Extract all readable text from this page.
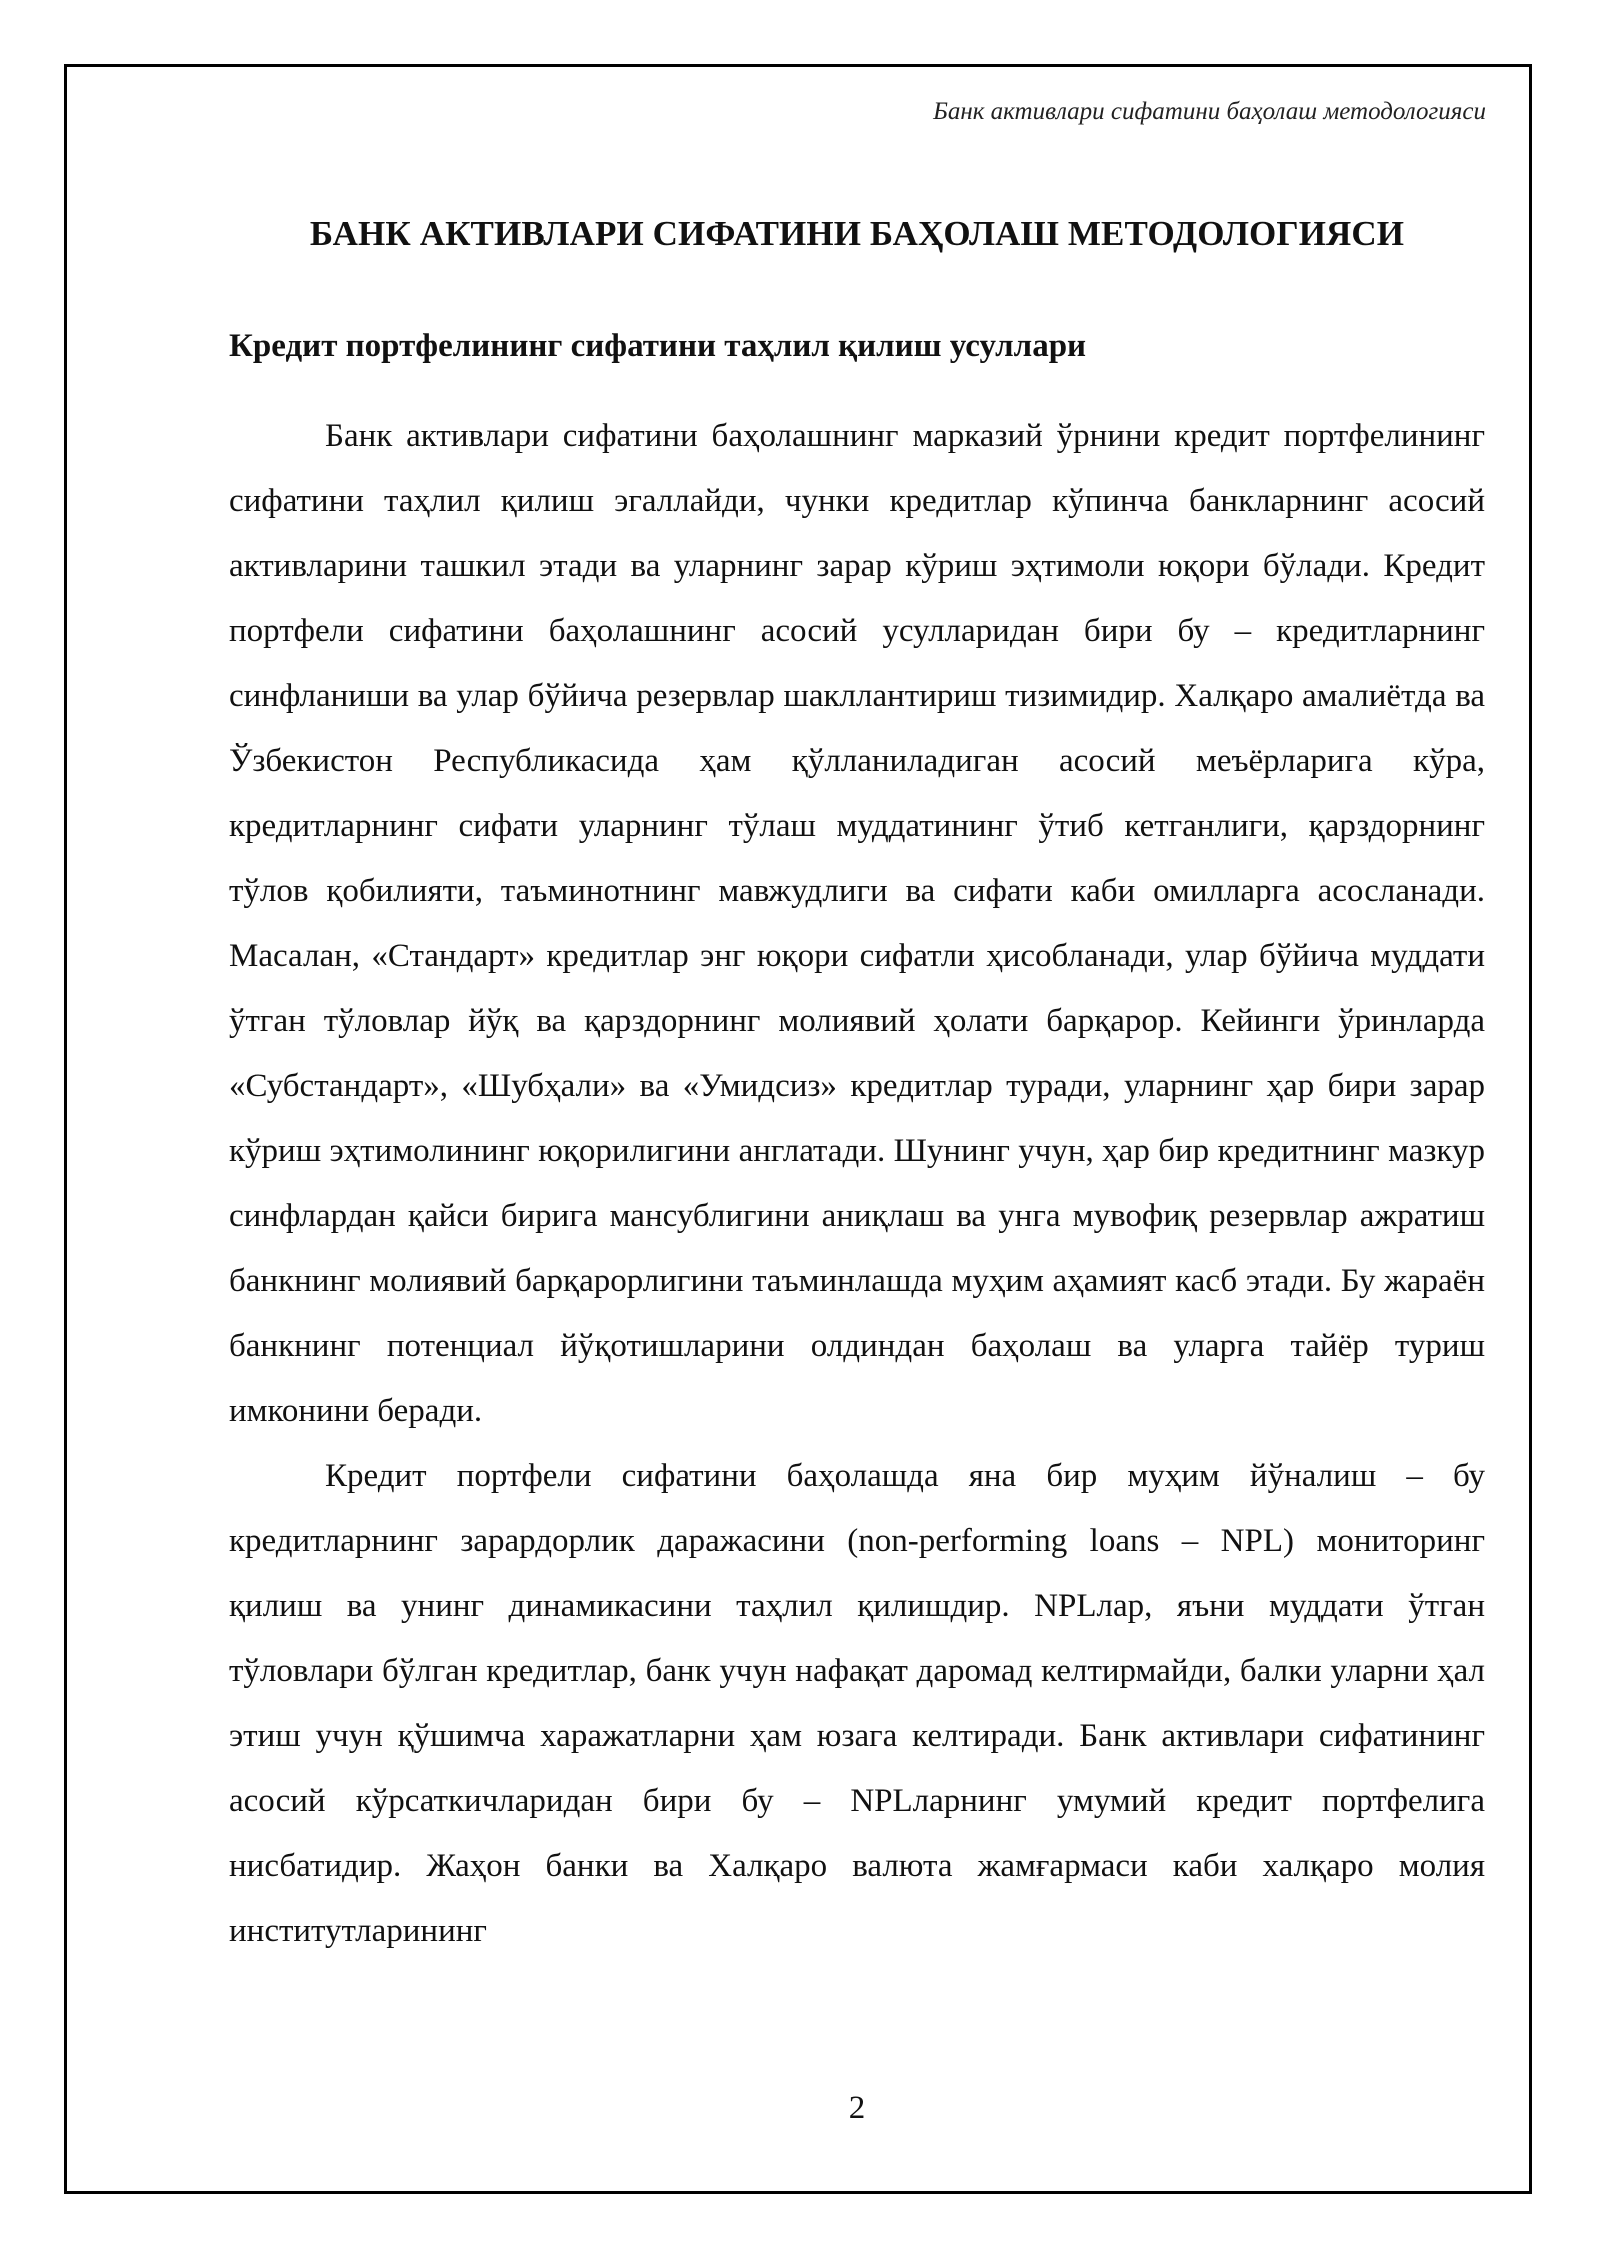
Банк активлари сифатини баҳолаш методологияси
БАНК АКТИВЛАРИ СИФАТИНИ БАҲОЛАШ МЕТОДОЛОГИЯСИ
Кредит портфелининг сифатини таҳлил қилиш усуллари

Банк активлари сифатини баҳолашнинг марказий ўрнини кредит портфелининг сифатини таҳлил қилиш эгаллайди, чунки кредитлар кўпинча банкларнинг асосий активларини ташкил этади ва уларнинг зарар кўриш эҳтимоли юқори бўлади. Кредит портфели сифатини баҳолашнинг асосий усулларидан бири бу – кредитларнинг синфланиши ва улар бўйича резервлар шакллантириш тизимидир. Халқаро амалиётда ва Ўзбекистон Республикасида ҳам қўлланиладиган асосий меъёрларига кўра, кредитларнинг сифати уларнинг тўлаш муддатининг ўтиб кетганлиги, қарздорнинг тўлов қобилияти, таъминотнинг мавжудлиги ва сифати каби омилларга асосланади. Масалан, «Стандарт» кредитлар энг юқори сифатли ҳисобланади, улар бўйича муддати ўтган тўловлар йўқ ва қарздорнинг молиявий ҳолати барқарор. Кейинги ўринларда «Субстандарт», «Шубҳали» ва «Умидсиз» кредитлар туради, уларнинг ҳар бири зарар кўриш эҳтимолининг юқорилигини англатади. Шунинг учун, ҳар бир кредитнинг мазкур синфлардан қайси бирига мансублигини аниқлаш ва унга мувофиқ резервлар ажратиш банкнинг молиявий барқарорлигини таъминлашда муҳим аҳамият касб этади. Бу жараён банкнинг потенциал йўқотишларини олдиндан баҳолаш ва уларга тайёр туриш имконини беради.

Кредит портфели сифатини баҳолашда яна бир муҳим йўналиш – бу кредитларнинг зарардорлик даражасини (non-performing loans – NPL) мониторинг қилиш ва унинг динамикасини таҳлил қилишдир. NPLлар, яъни муддати ўтган тўловлари бўлган кредитлар, банк учун нафақат даромад келтирмайди, балки уларни ҳал этиш учун қўшимча харажатларни ҳам юзага келтиради. Банк активлари сифатининг асосий кўрсаткичларидан бири бу – NPLларнинг умумий кредит портфелига нисбатидир. Жаҳон банки ва Халқаро валюта жамғармаси каби халқаро молия институтларининг

2
